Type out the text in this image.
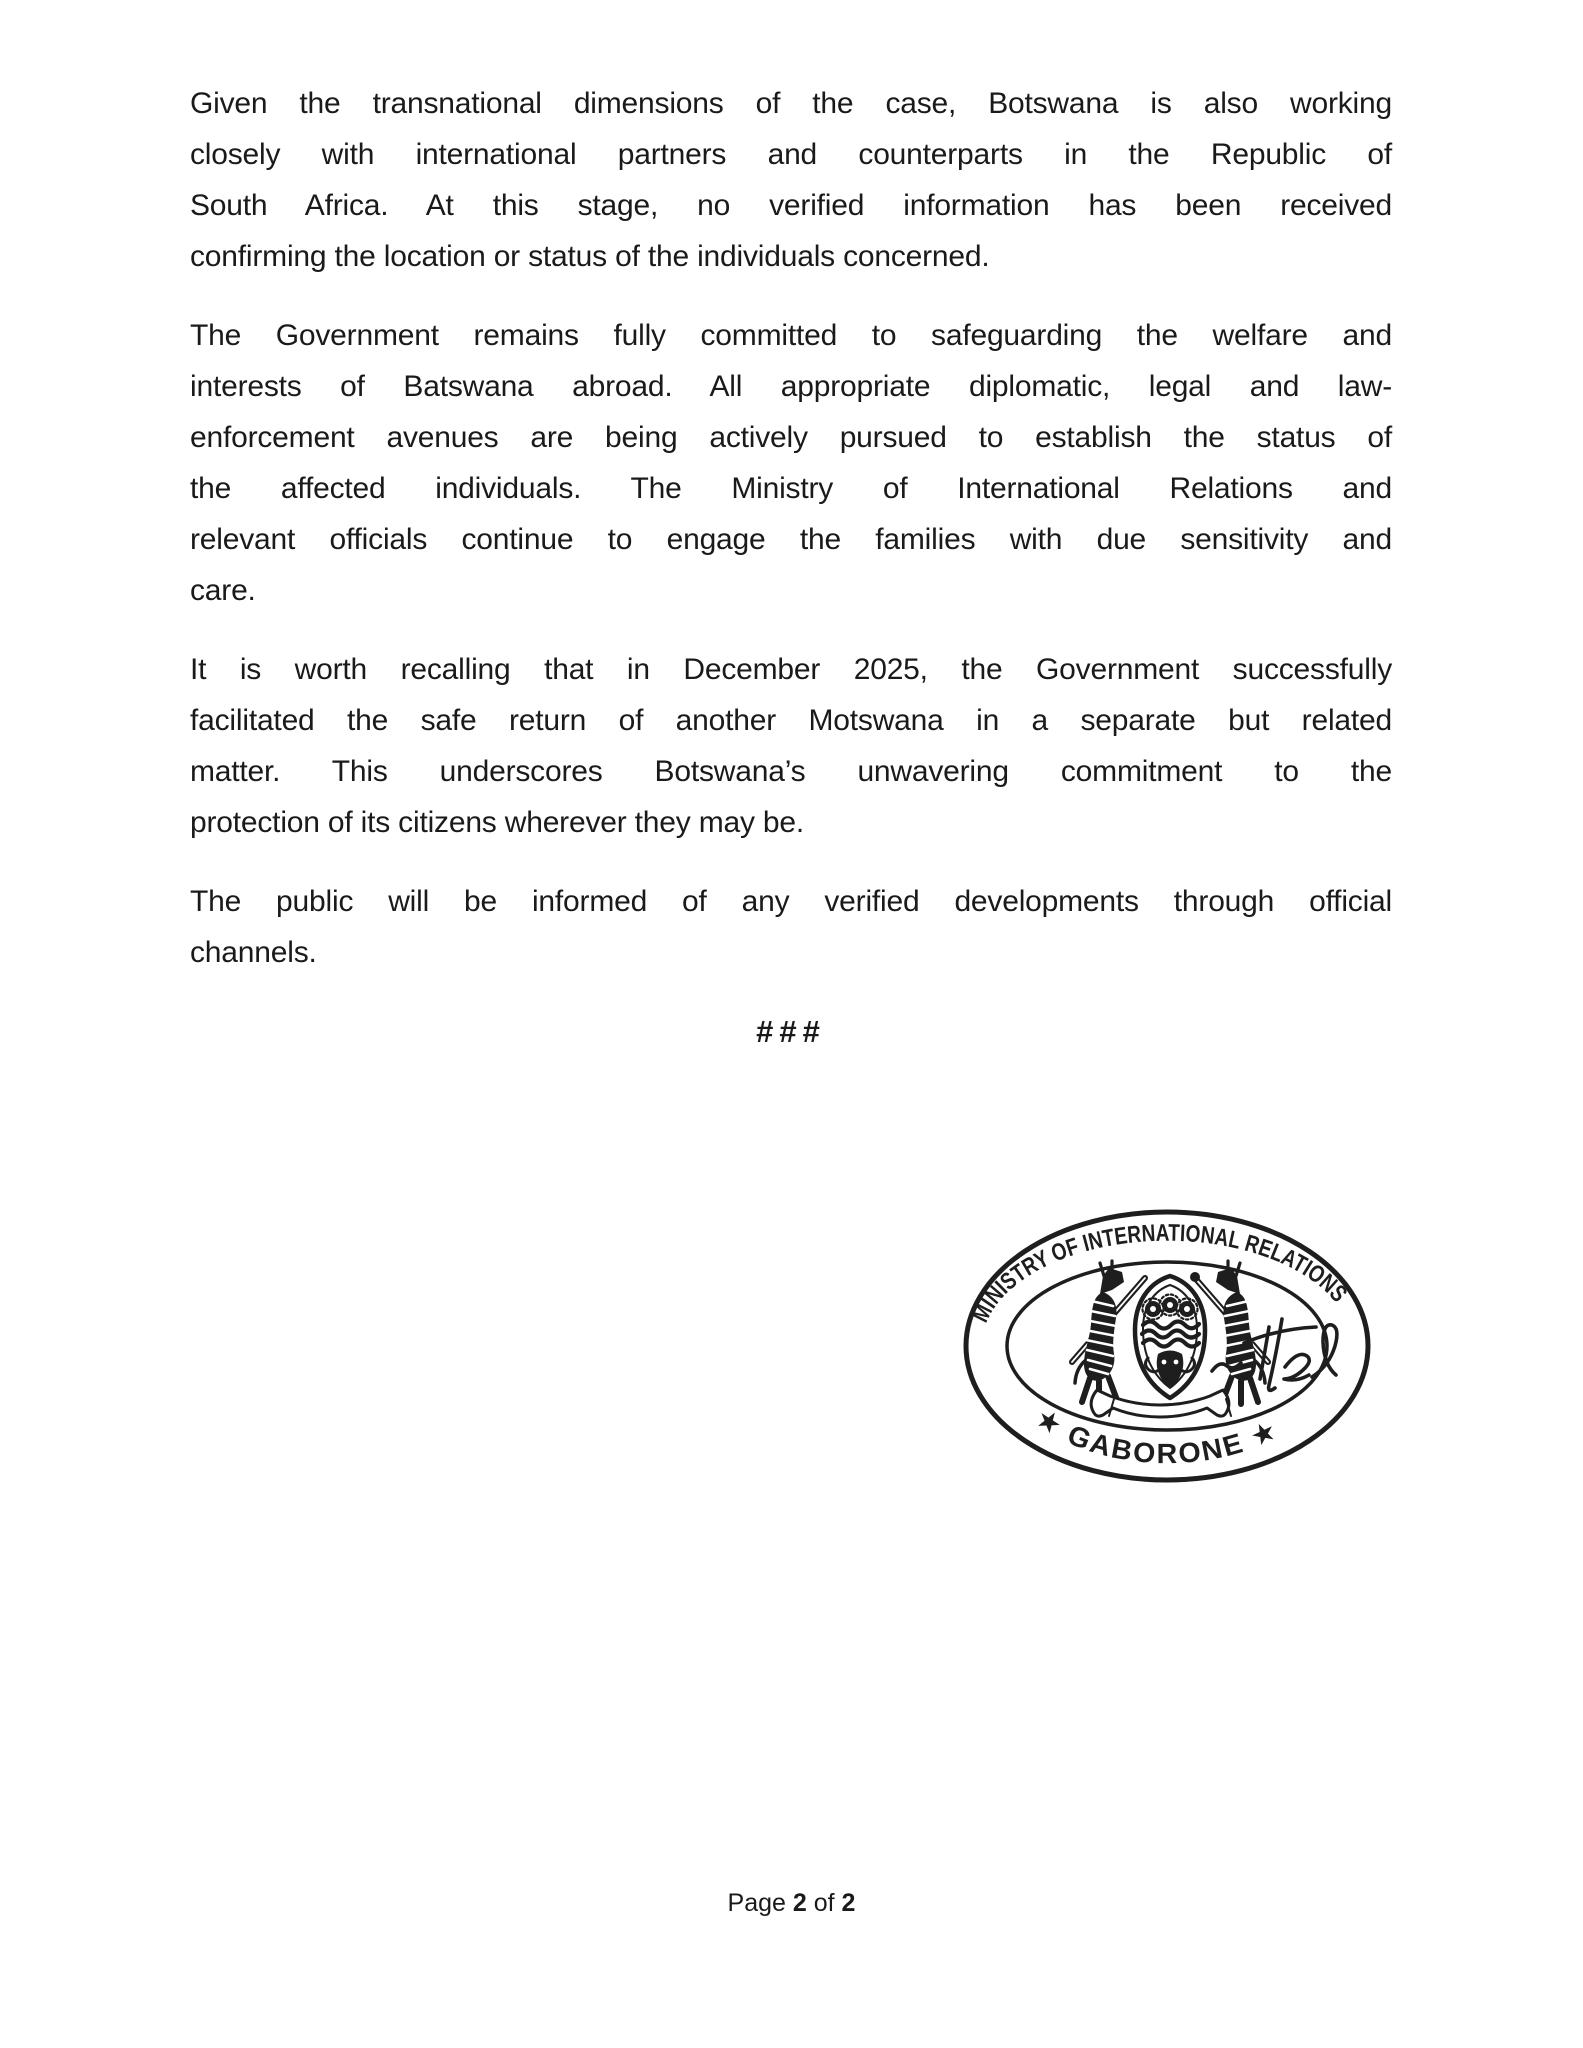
Given the transnational dimensions of the case, Botswana is also working
closely with international partners and counterparts in the Republic of
South Africa. At this stage, no verified information has been received
confirming the location or status of the individuals concerned.
The Government remains fully committed to safeguarding the welfare and
interests of Batswana abroad. All appropriate diplomatic, legal and law-
enforcement avenues are being actively pursued to establish the status of
the affected individuals. The Ministry of International Relations and
relevant officials continue to engage the families with due sensitivity and
care.
It is worth recalling that in December 2025, the Government successfully
facilitated the safe return of another Motswana in a separate but related
matter. This underscores Botswana’s unwavering commitment to the
protection of its citizens wherever they may be.
The public will be informed of any verified developments through official
channels.
###
MINISTRY OF INTERNATIONAL RELATIONS
★ GABORONE ★
Page 2 of 2
